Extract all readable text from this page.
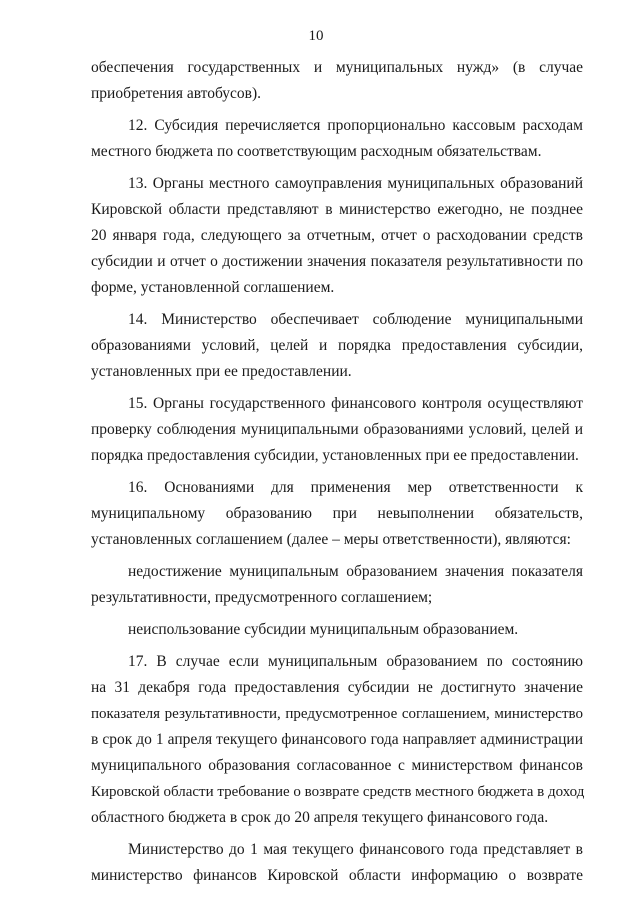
10
обеспечения государственных и муниципальных нужд» (в случае
приобретения автобусов).
12. Субсидия перечисляется пропорционально кассовым расходам
местного бюджета по соответствующим расходным обязательствам.
13. Органы местного самоуправления муниципальных образований
Кировской области представляют в министерство ежегодно, не позднее
20 января года, следующего за отчетным, отчет о расходовании средств
субсидии и отчет о достижении значения показателя результативности по
форме, установленной соглашением.
14. Министерство обеспечивает соблюдение муниципальными
образованиями условий, целей и порядка предоставления субсидии,
установленных при ее предоставлении.
15. Органы государственного финансового контроля осуществляют
проверку соблюдения муниципальными образованиями условий, целей и
порядка предоставления субсидии, установленных при ее предоставлении.
16. Основаниями для применения мер ответственности к
муниципальному образованию при невыполнении обязательств,
установленных соглашением (далее – меры ответственности), являются:
недостижение муниципальным образованием значения показателя
результативности, предусмотренного соглашением;
неиспользование субсидии муниципальным образованием.
17. В случае если муниципальным образованием по состоянию
на 31 декабря года предоставления субсидии не достигнуто значение
показателя результативности, предусмотренное соглашением, министерство
в срок до 1 апреля текущего финансового года направляет администрации
муниципального образования согласованное с министерством финансов
Кировской области требование о возврате средств местного бюджета в доход
областного бюджета в срок до 20 апреля текущего финансового года.
Министерство до 1 мая текущего финансового года представляет в
министерство финансов Кировской области информацию о возврате
